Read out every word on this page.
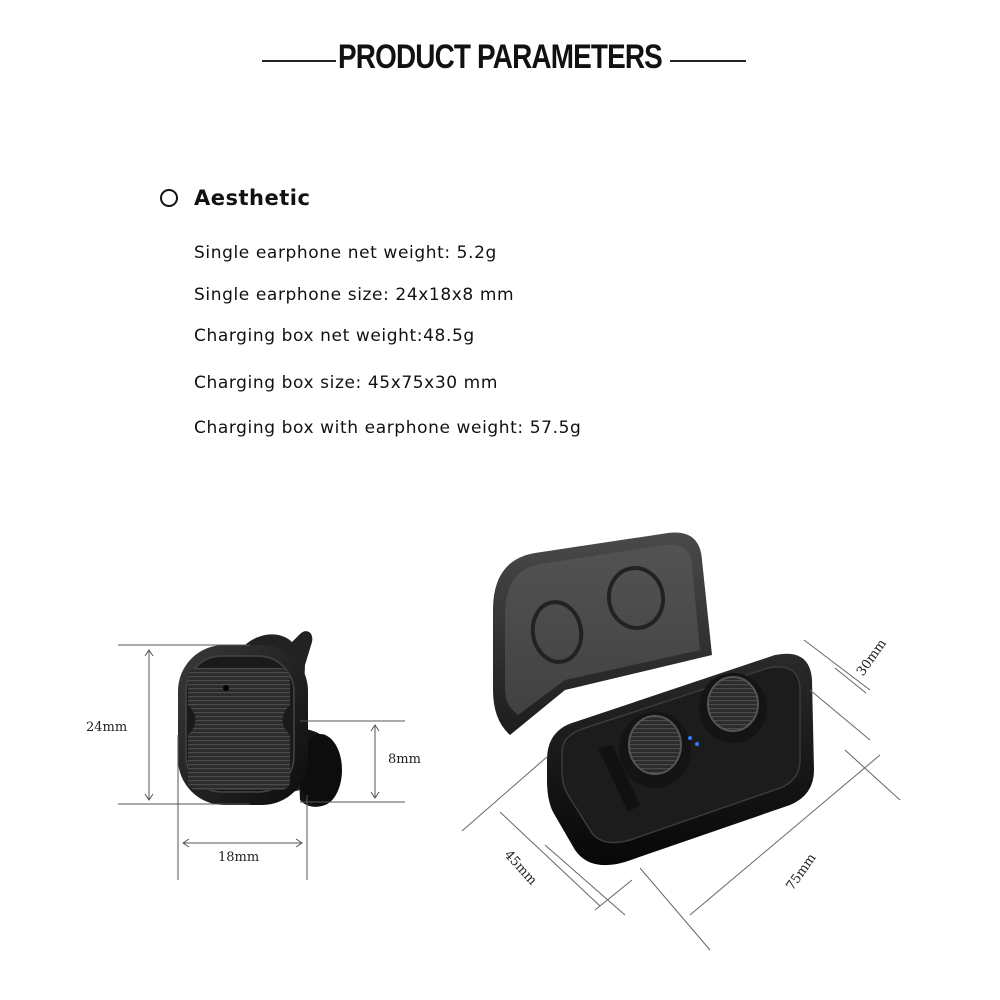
PRODUCT PARAMETERS
Aesthetic
Single earphone net weight: 5.2g
Single earphone size: 24x18x8 mm
Charging box net weight:48.5g
Charging box size: 45x75x30 mm
Charging box with earphone weight: 57.5g
24mm
8mm
18mm
30mm
45mm	75mm
